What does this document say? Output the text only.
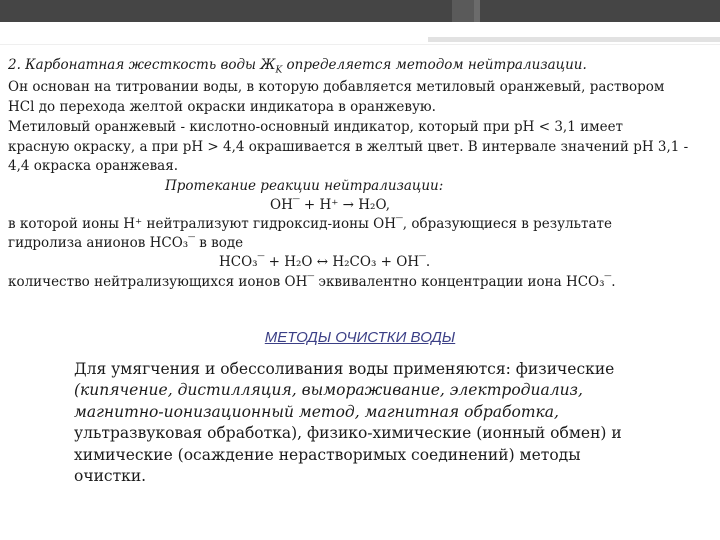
2. Карбонатная жесткость воды $Ж_K$ определяется методом нейтрализации.
Он основан на титровании воды, в которую добавляется метиловый оранжевый, раствором
HCl до перехода желтой окраски индикатора в оранжевую.
Метиловый оранжевый - кислотно-основный индикатор, который при рН < 3,1 имеет
красную окраску, а при рН > 4,4 окрашивается в желтый цвет. В интервале значений рН 3,1 -
4,4 окраска оранжевая.
Протекание реакции нейтрализации:
OH‾ + H⁺ → H₂O,
в которой ионы H⁺ нейтрализуют гидроксид-ионы OH‾, образующиеся в результате
гидролиза анионов HCO₃‾ в воде
HCO₃‾ + H₂O ↔ H₂CO₃ + OH‾.
количество нейтрализующихся ионов OH‾ эквивалентно концентрации иона HCO₃‾.
МЕТОДЫ ОЧИСТКИ ВОДЫ
Для умягчения и обессоливания воды применяются: физические
(кипячение, дистилляция, вымораживание, электродиализ,
магнитно-ионизационный метод, магнитная обработка,
ультразвуковая обработка), физико-химические (ионный обмен) и
химические (осаждение нерастворимых соединений) методы
очистки.
